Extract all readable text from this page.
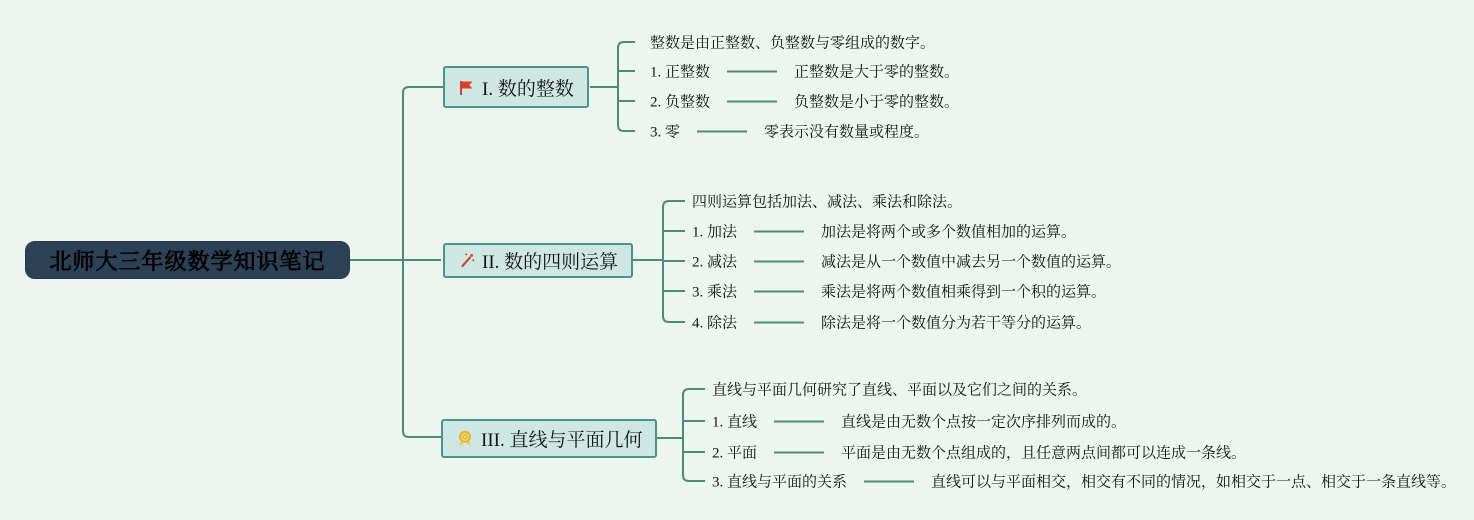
北师大三年级数学知识笔记
I. 数的整数
II. 数的四则运算
III. 直线与平面几何
整数是由正整数、负整数与零组成的数字。
1. 正整数	正整数是大于零的整数。
2. 负整数	负整数是小于零的整数。
3. 零	零表示没有数量或程度。
四则运算包括加法、减法、乘法和除法。
1. 加法	加法是将两个或多个数值相加的运算。
2. 减法	减法是从一个数值中减去另一个数值的运算。
3. 乘法	乘法是将两个数值相乘得到一个积的运算。
4. 除法	除法是将一个数值分为若干等分的运算。
直线与平面几何研究了直线、平面以及它们之间的关系。
1. 直线	直线是由无数个点按一定次序排列而成的。
2. 平面	平面是由无数个点组成的，且任意两点间都可以连成一条线。
3. 直线与平面的关系	直线可以与平面相交，相交有不同的情况，如相交于一点、相交于一条直线等。
